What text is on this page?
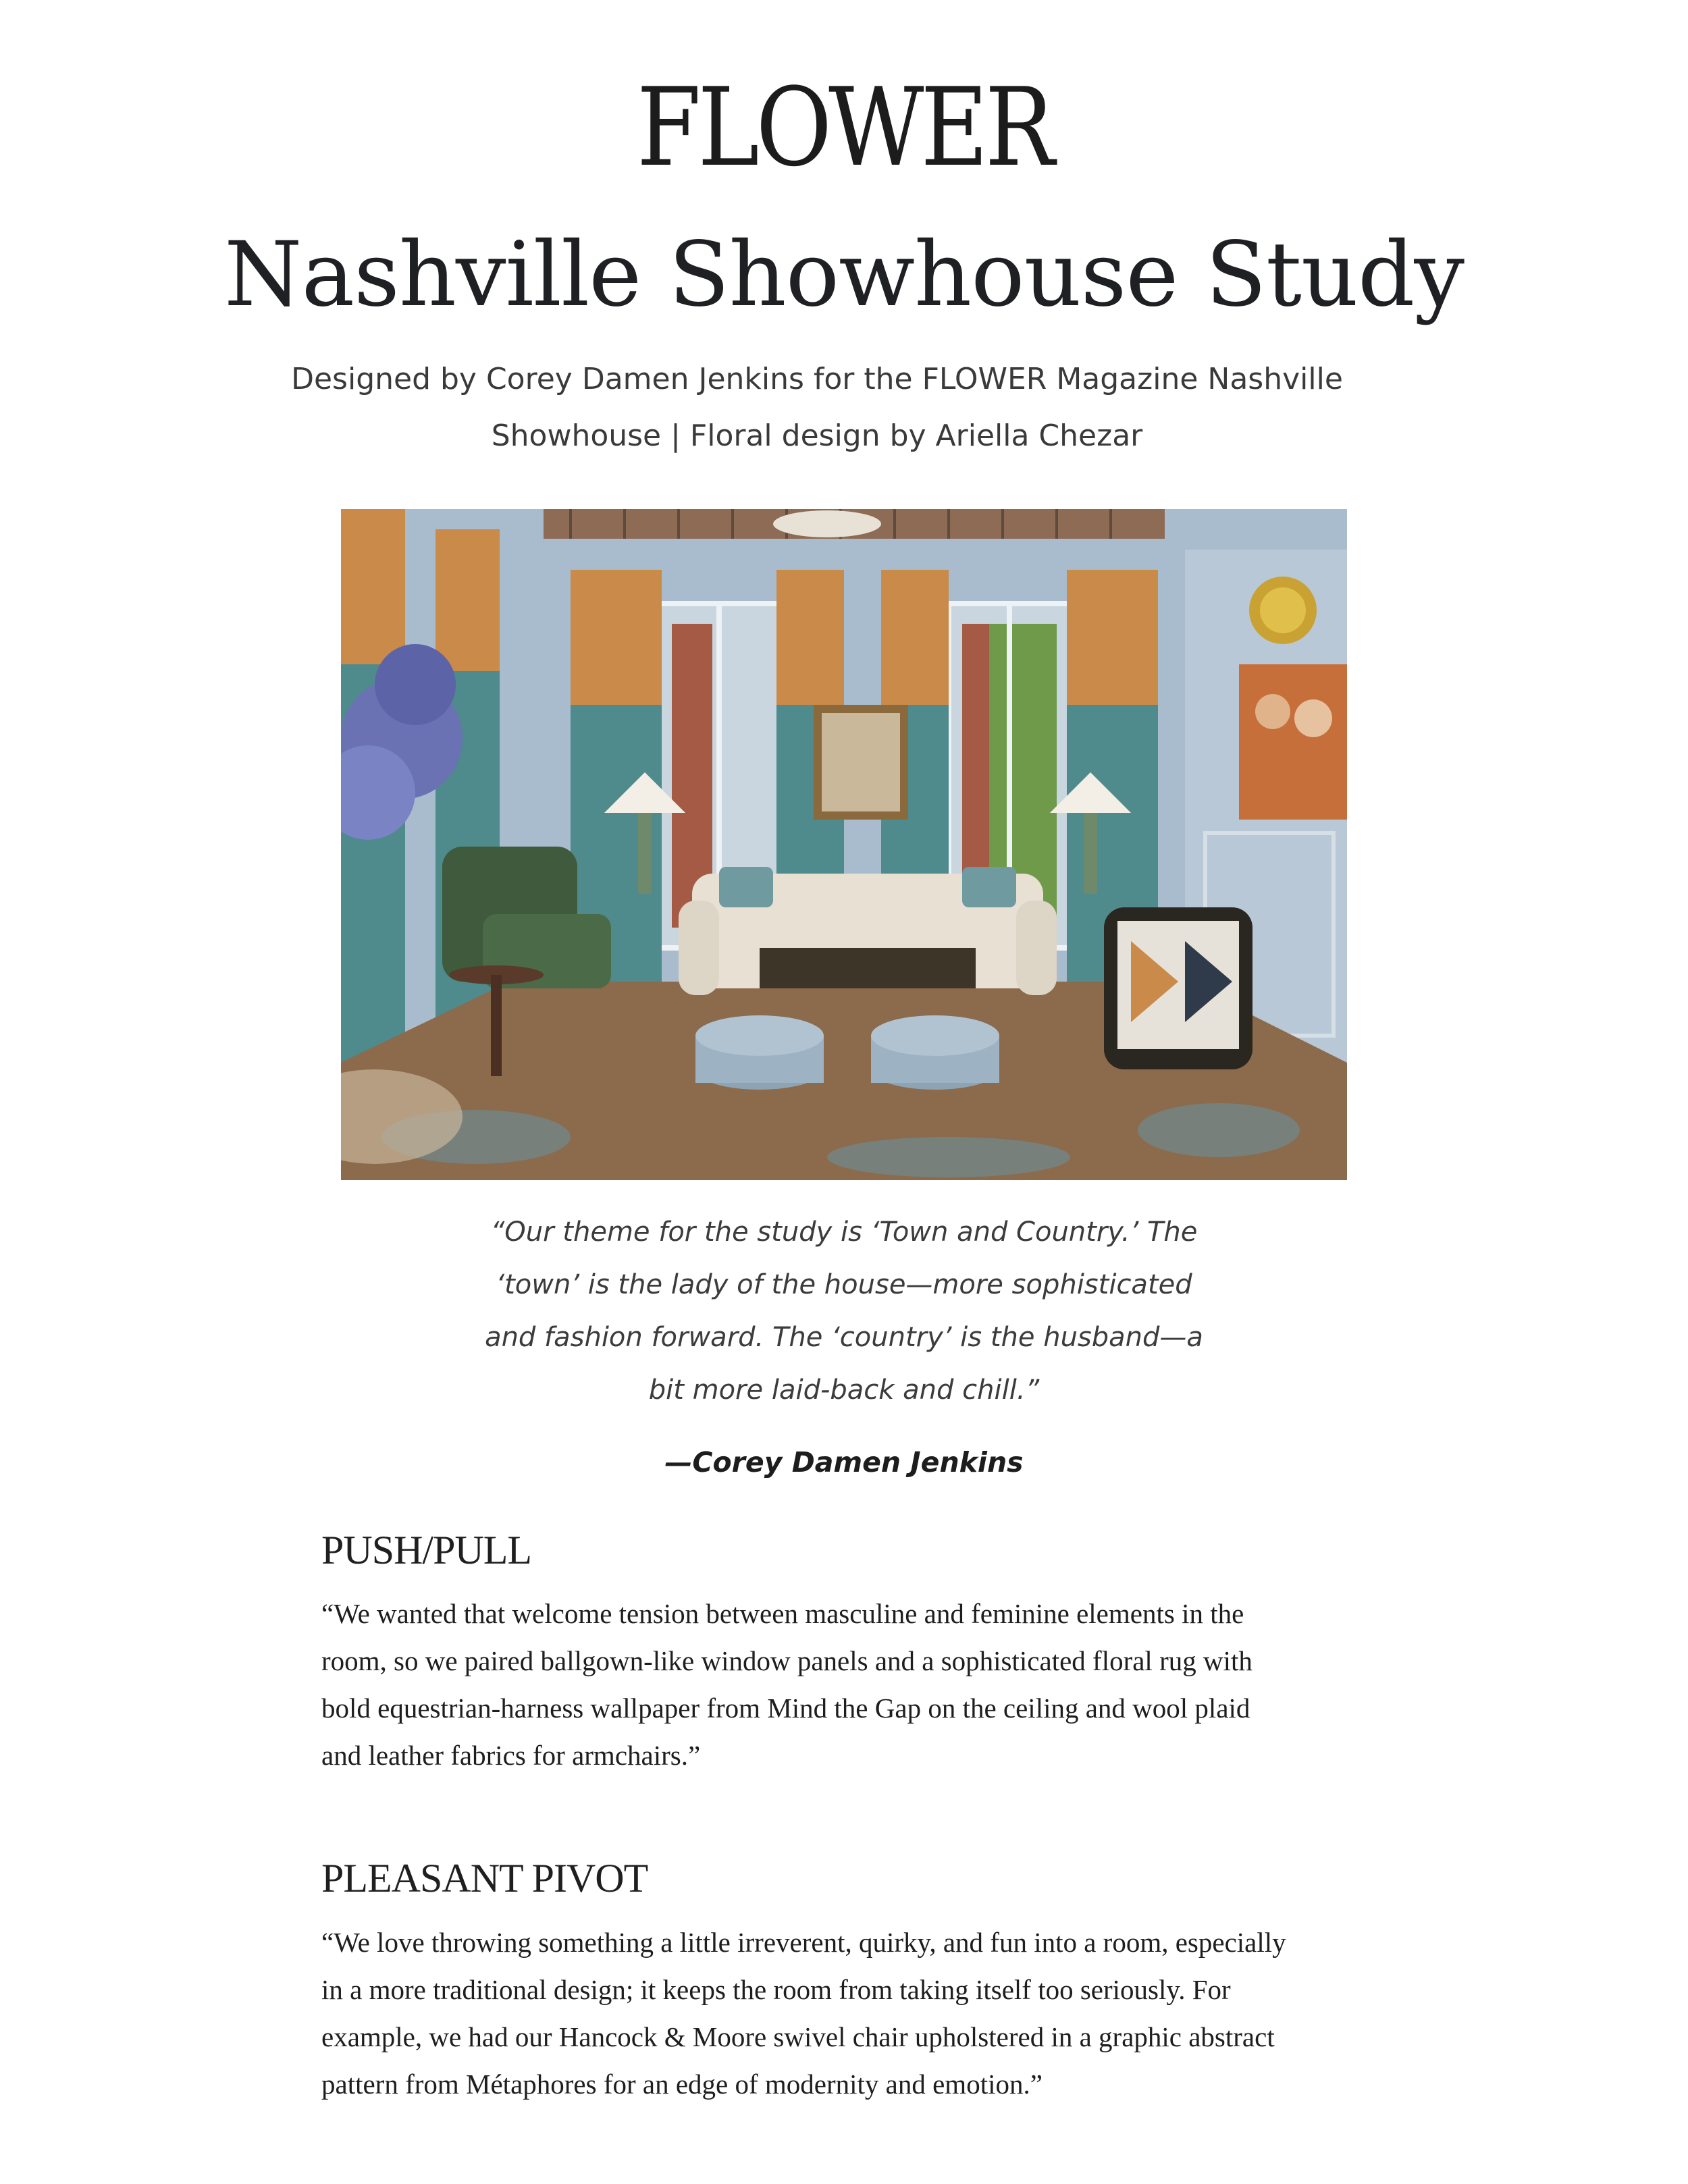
FLOWER
Nashville Showhouse Study
Designed by Corey Damen Jenkins for the FLOWER Magazine Nashville
Showhouse | Floral design by Ariella Chezar
“Our theme for the study is ‘Town and Country.’ The
‘town’ is the lady of the house—more sophisticated
and fashion forward. The ‘country’ is the husband—a
bit more laid-back and chill.”
—Corey Damen Jenkins
PUSH/PULL
“We wanted that welcome tension between masculine and feminine elements in the
room, so we paired ballgown-like window panels and a sophisticated floral rug with
bold equestrian-harness wallpaper from Mind the Gap on the ceiling and wool plaid
and leather fabrics for armchairs.”
PLEASANT PIVOT
“We love throwing something a little irreverent, quirky, and fun into a room, especially
in a more traditional design; it keeps the room from taking itself too seriously. For
example, we had our Hancock & Moore swivel chair upholstered in a graphic abstract
pattern from Métaphores for an edge of modernity and emotion.”
